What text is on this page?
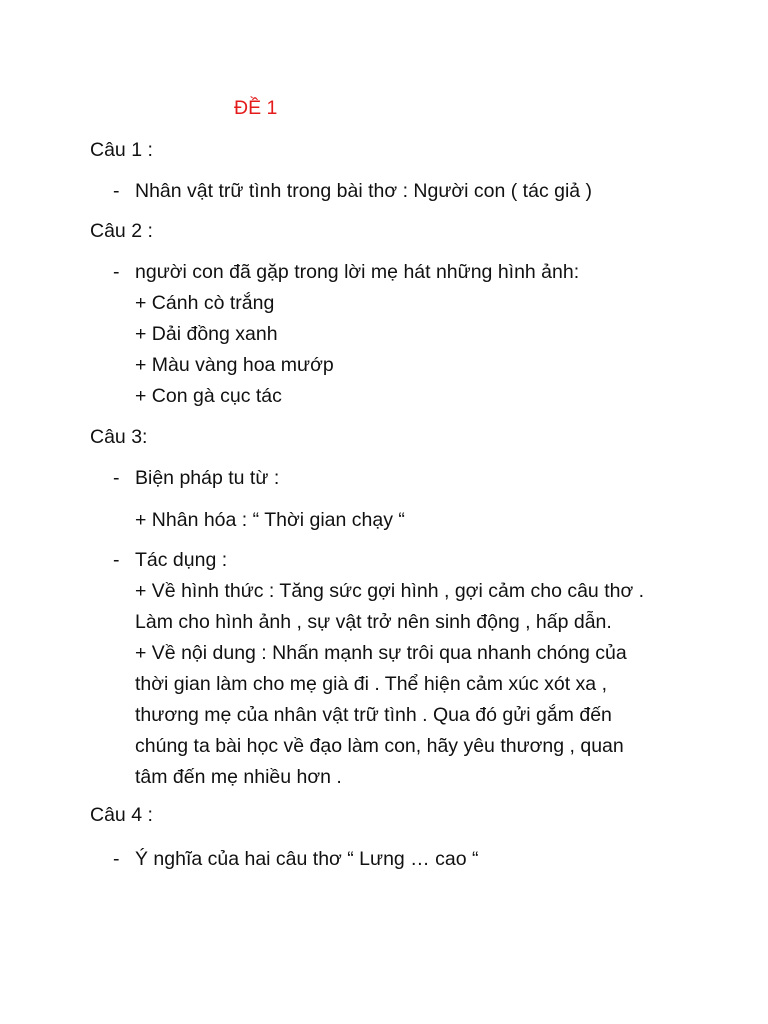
ĐỀ 1
Câu 1 :
- Nhân vật trữ tình trong bài thơ : Người con ( tác giả )
Câu 2 :
- người con đã gặp trong lời mẹ hát những hình ảnh:
+ Cánh cò trắng
+ Dải đồng xanh
+ Màu vàng hoa mướp
+ Con gà cục tác
Câu 3:
- Biện pháp tu từ :
+ Nhân hóa : “ Thời gian chạy “
- Tác dụng :
+ Về hình thức : Tăng sức gợi hình , gợi cảm cho câu thơ .
Làm cho hình ảnh , sự vật trở nên sinh động , hấp dẫn.
+ Về nội dung : Nhấn mạnh sự trôi qua nhanh chóng của
thời gian làm cho mẹ già đi . Thể hiện cảm xúc xót xa ,
thương mẹ của nhân vật trữ tình . Qua đó gửi gắm đến
chúng ta bài học về đạo làm con, hãy yêu thương , quan
tâm đến mẹ nhiều hơn .
Câu 4 :
- Ý nghĩa của hai câu thơ “ Lưng … cao “
